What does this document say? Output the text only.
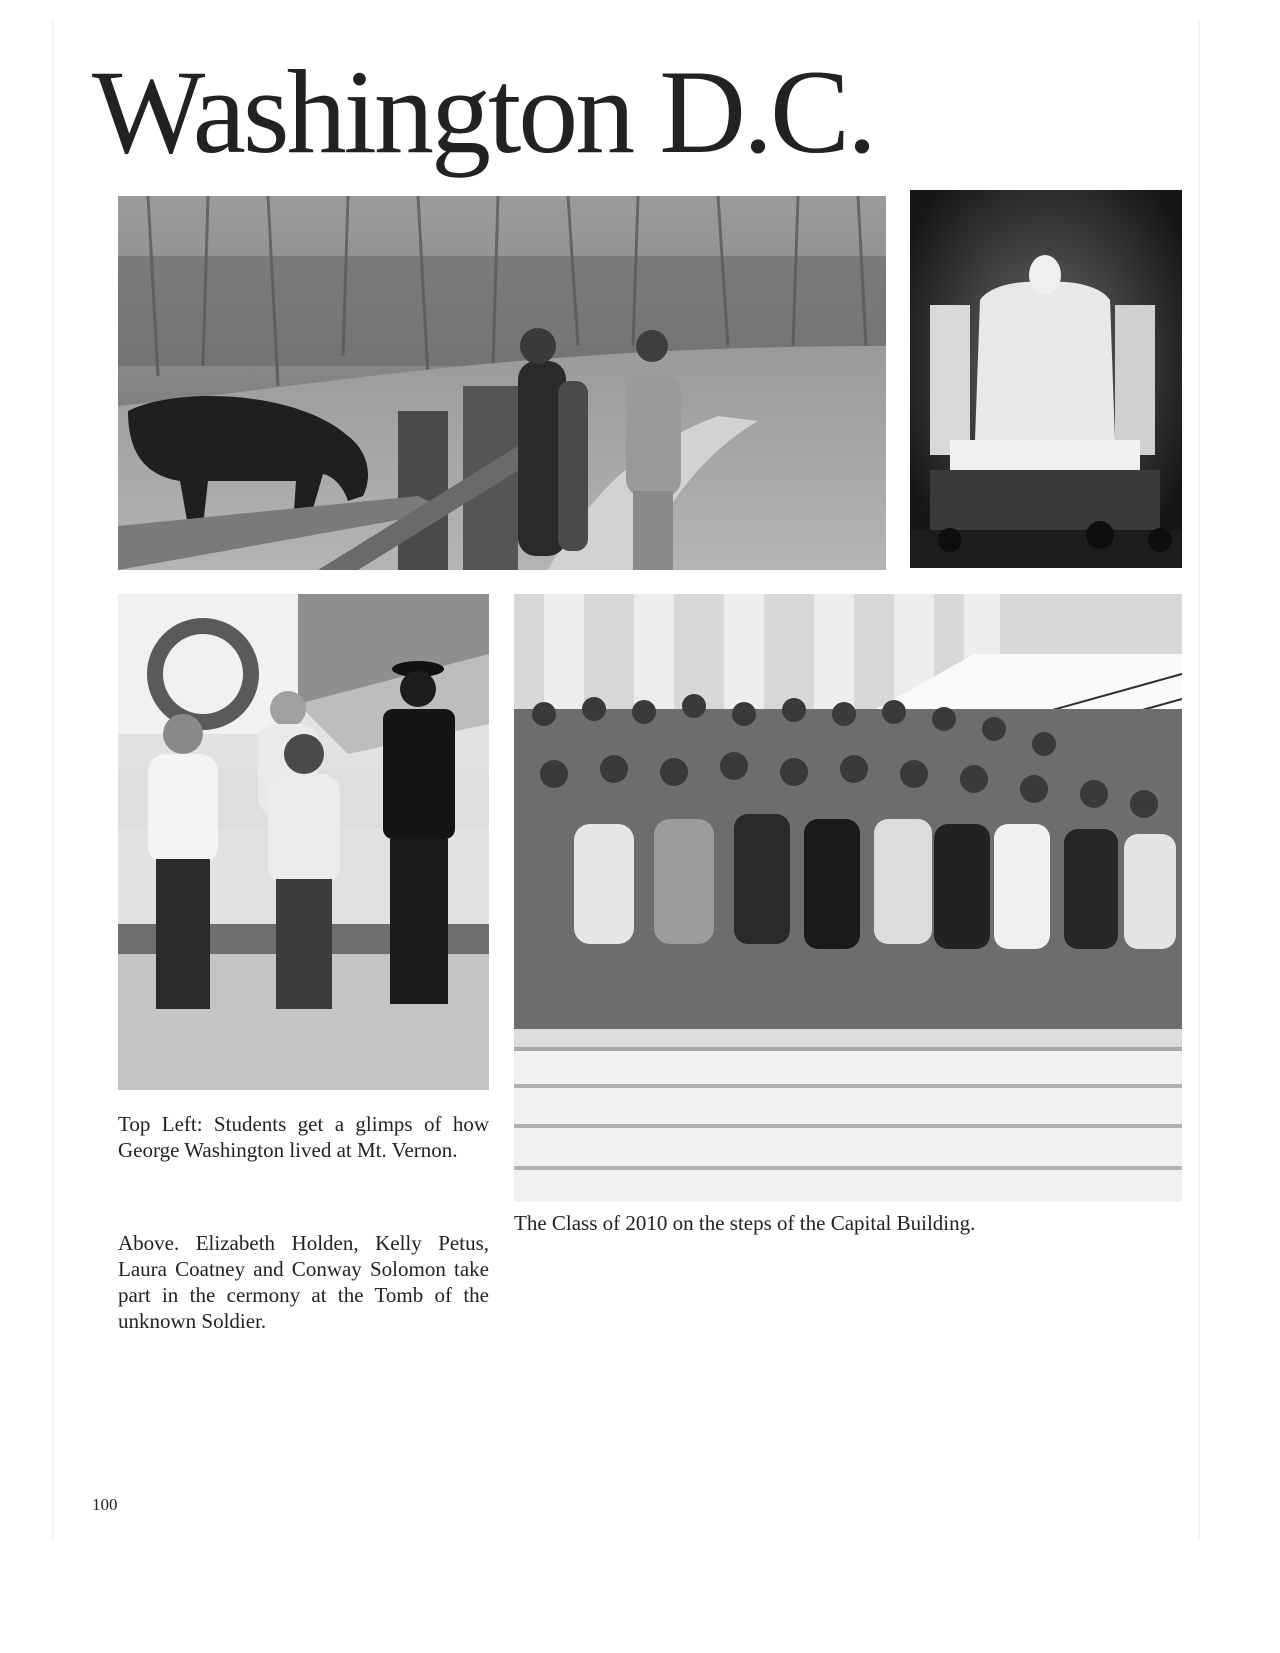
Washington D.C.

Top Left: Students get a glimps of how George Washington lived at Mt. Vernon.

Above. Elizabeth Holden, Kelly Petus, Laura Coatney and Conway Solomon take part in the cermony at the Tomb of the unknown Soldier.

The Class of 2010 on the steps of the Capital Building.

100
